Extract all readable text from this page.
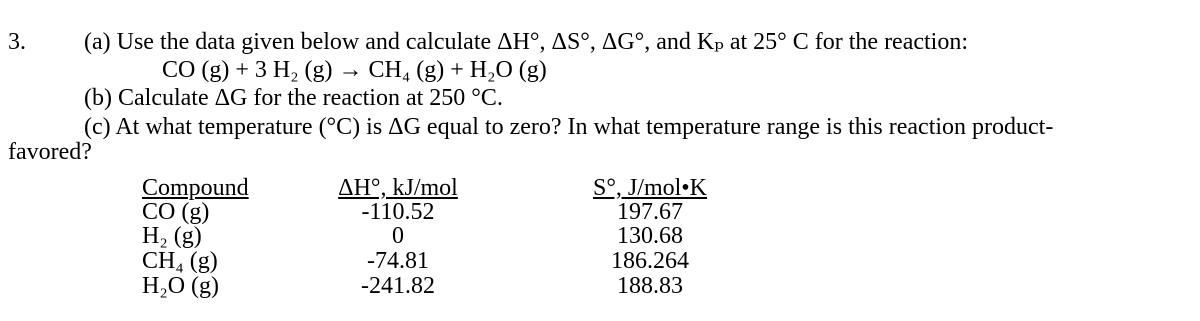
3. (a) Use the data given below and calculate ΔH°, ΔS°, ΔG°, and Kₚ at 25° C for the reaction:
CO (g) + 3 H₂ (g) → CH₄ (g) + H₂O (g)
(b) Calculate ΔG for the reaction at 250 °C.
(c) At what temperature (°C) is ΔG equal to zero? In what temperature range is this reaction product-
favored?
Compound	ΔH°, kJ/mol	S°, J/mol•K
CO (g)	-110.52	197.67
H₂ (g)	0	130.68
CH₄ (g)	-74.81	186.264
H₂O (g)	-241.82	188.83
